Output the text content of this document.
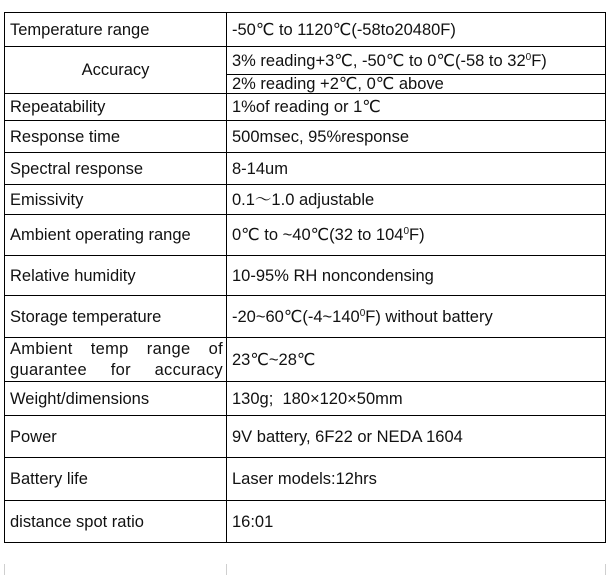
Temperature range	-50℃ to 1120℃(-58to20480F)
Accuracy	3% reading+3℃, -50℃ to 0℃(-58 to $32^0F$)
	2% reading +2℃, 0℃ above
Repeatability	1%of reading or 1℃
Response time	500msec, 95%response
Spectral response	8-14um
Emissivity	0.1～1.0 adjustable
Ambient operating range	0℃ to ~40℃(32 to $104^0F$)
Relative humidity	10-95% RH noncondensing
Storage temperature	$-20\sim 60℃(-4\sim 140^0F)$ without battery
Ambient temp range of guarantee for accuracy	23℃~28℃
Weight/dimensions	130g;  180×120×50mm
Power	9V battery, 6F22 or NEDA 1604
Battery life	Laser models:12hrs
distance spot ratio	16:01
